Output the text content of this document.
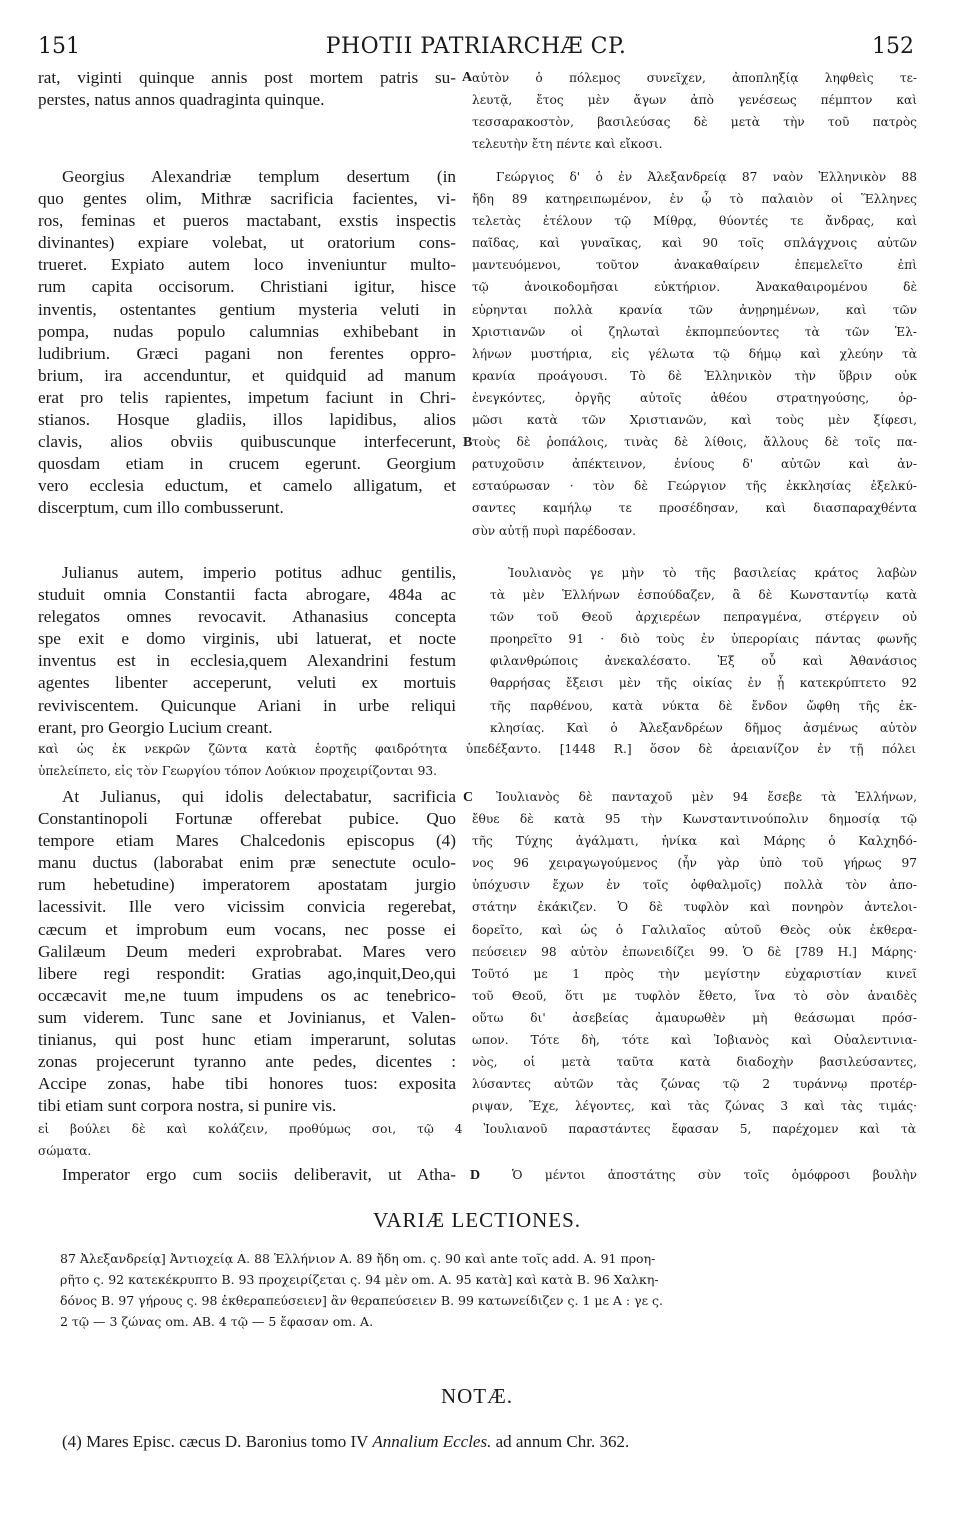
151	PHOTII PATRIARCHÆ CP.	152
rat, viginti quinque annis post mortem patris su-
perstes, natus annos quadraginta quinque.
A αὐτὸν ὁ πόλεμος συνεῖχεν, ἀποπληξίᾳ ληφθεὶς τε-
λευτᾷ, ἔτος μὲν ἄγων ἀπὸ γενέσεως πέμπτον καὶ
τεσσαρακοστὸν, βασιλεύσας δὲ μετὰ τὴν τοῦ πατρὸς
τελευτὴν ἔτη πέντε καὶ εἴκοσι.
Georgius Alexandriæ templum desertum (in
quo gentes olim, Mithræ sacrificia facientes, vi-
ros, feminas et pueros mactabant, exstis inspectis
divinantes) expiare volebat, ut oratorium cons-
trueret. Expiato autem loco inveniuntur multo-
rum capita occisorum. Christiani igitur, hisce
inventis, ostentantes gentium mysteria veluti in
pompa, nudas populo calumnias exhibebant in
ludibrium. Græci pagani non ferentes oppro-
brium, ira accenduntur, et quidquid ad manum
erat pro telis rapientes, impetum faciunt in Chri-
stianos. Hosque gladiis, illos lapidibus, alios
clavis, alios obviis quibuscunque interfecerunt,
quosdam etiam in crucem egerunt. Georgium
vero ecclesia eductum, et camelo alligatum, et
discerptum, cum illo combusserunt.
B
Γεώργιος δ' ὁ ἐν Ἀλεξανδρείᾳ 87 ναὸν Ἑλληνικὸν 88
ἤδη 89 κατηρειπωμένον, ἐν ᾧ τὸ παλαιὸν οἱ Ἕλληνες
τελετὰς ἐτέλουν τῷ Μίθρᾳ, θύοντές τε ἄνδρας, καὶ
παῖδας, καὶ γυναῖκας, καὶ 90 τοῖς σπλάγχνοις αὐτῶν
μαντευόμενοι, τοῦτον ἀνακαθαίρειν ἐπεμελεῖτο ἐπὶ
τῷ ἀνοικοδομῆσαι εὐκτήριον. Ἀνακαθαιρομένου δὲ
εὑρηνται πολλὰ κρανία τῶν ἀνῃρημένων, καὶ τῶν
Χριστιανῶν οἱ ζηλωταὶ ἐκπομπεύοντες τὰ τῶν Ἑλ-
λήνων μυστήρια, εἰς γέλωτα τῷ δήμῳ καὶ χλεύην τὰ
κρανία προάγουσι. Τὸ δὲ Ἑλληνικὸν τὴν ὕβριν οὐκ
ἐνεγκόντες, ὀργῆς αὐτοῖς ἀθέου στρατηγούσης, ὁρ-
μῶσι κατὰ τῶν Χριστιανῶν, καὶ τοὺς μὲν ξίφεσι,
τοὺς δὲ ῥοπάλοις, τινὰς δὲ λίθοις, ἄλλους δὲ τοῖς πα-
ρατυχοῦσιν ἀπέκτεινον, ἐνίους δ' αὐτῶν καὶ ἀν-
εσταύρωσαν · τὸν δὲ Γεώργιον τῆς ἐκκλησίας ἐξελκύ-
σαντες καμήλῳ τε προσέδησαν, καὶ διασπαραχθέντα
σὺν αὐτῇ πυρὶ παρέδοσαν.
Julianus autem, imperio potitus adhuc gentilis,
studuit omnia Constantii facta abrogare, 484a ac
relegatos omnes revocavit. Athanasius concepta
spe exit e domo virginis, ubi latuerat, et nocte
inventus est in ecclesia,quem Alexandrini festum
agentes libenter acceperunt, veluti ex mortuis
reviviscentem. Quicunque Ariani in urbe reliqui
erant, pro Georgio Lucium creant.
Ἰουλιανὸς γε μὴν τὸ τῆς βασιλείας κράτος λαβὼν
τὰ μὲν Ἑλλήνων ἐσπούδαζεν, ἃ δὲ Κωνσταντίῳ κατὰ
τῶν τοῦ Θεοῦ ἀρχιερέων πεπραγμένα, στέργειν οὐ
προηρεῖτο 91 · διὸ τοὺς ἐν ὑπερορίαις πάντας φωνῆς
φιλανθρώποις ἀνεκαλέσατο. Ἐξ οὗ καὶ Ἀθανάσιος
θαρρήσας ἔξεισι μὲν τῆς οἰκίας ἐν ᾗ κατεκρύπτετο 92
τῆς παρθένου, κατὰ νύκτα δὲ ἔνδον ὤφθη τῆς ἐκ-
κλησίας. Καὶ ὁ Ἀλεξανδρέων δῆμος ἀσμένως αὐτὸν
καὶ ὡς ἐκ νεκρῶν ζῶντα κατὰ ἑορτῆς φαιδρότητα ὑπεδέξαντο. [1448 R.] ὅσον δὲ ἀρειανίζον ἐν τῇ πόλει
ὑπελείπετο, εἰς τὸν Γεωργίου τόπον Λούκιον προχειρίζονται 93.
At Julianus, qui idolis delectabatur, sacrificia
Constantinopoli Fortunæ offerebat pubice. Quo
tempore etiam Mares Chalcedonis episcopus (4)
manu ductus (laborabat enim præ senectute oculo-
rum hebetudine) imperatorem apostatam jurgio
lacessivit. Ille vero vicissim convicia regerebat,
cæcum et improbum eum vocans, nec posse ei
Galilæum Deum mederi exprobrabat. Mares vero
libere regi respondit: Gratias ago,inquit,Deo,qui
occæcavit me,ne tuum impudens os ac tenebrico-
sum viderem. Tunc sane et Jovinianus, et Valen-
tinianus, qui post hunc etiam imperarunt, solutas
zonas projecerunt tyranno ante pedes, dicentes :
Accipe zonas, habe tibi honores tuos: exposita
tibi etiam sunt corpora nostra, si punire vis.
C	Ἰουλιανὸς δὲ πανταχοῦ μὲν 94 ἔσεβε τὰ Ἑλλήνων,
ἔθυε δὲ κατὰ 95 τὴν Κωνσταντινούπολιν δημοσίᾳ τῷ
τῆς Τύχης ἀγάλματι, ἡνίκα καὶ Μάρης ὁ Καλχηδό-
νος 96 χειραγωγούμενος (ἦν γὰρ ὑπὸ τοῦ γήρως 97
ὑπόχυσιν ἔχων ἐν τοῖς ὀφθαλμοῖς) πολλὰ τὸν ἀπο-
στάτην ἐκάκιζεν. Ὁ δὲ τυφλὸν καὶ πονηρὸν ἀντελοι-
δορεῖτο, καὶ ὡς ὁ Γαλιλαῖος αὐτοῦ Θεὸς οὐκ ἐκθερα-
πεύσειεν 98 αὐτὸν ἐπωνειδίζει 99. Ὁ δὲ [789 H.] Μάρης·
Τοῦτό με 1 πρὸς τὴν μεγίστην εὐχαριστίαν κινεῖ
τοῦ Θεοῦ, ὅτι με τυφλὸν ἔθετο, ἵνα τὸ σὸν ἀναιδὲς
οὕτω δι' ἀσεβείας ἀμαυρωθὲν μὴ θεάσωμαι πρόσ-
ωπον. Τότε δὴ, τότε καὶ Ἰοβιανὸς καὶ Οὐαλεντινια-
νὸς, οἱ μετὰ ταῦτα κατὰ διαδοχὴν βασιλεύσαντες,
λύσαντες αὐτῶν τὰς ζώνας τῷ 2 τυράννῳ προτέρ-
ριψαν, Ἔχε, λέγοντες, καὶ τὰς ζώνας 3 καὶ τὰς τιμάς·
εἰ βούλει δὲ καὶ κολάζειν, προθύμως σοι, τῷ 4 Ἰουλιανοῦ παραστάντες ἔφασαν 5, παρέχομεν καὶ τὰ
σώματα.
Imperator ergo cum sociis deliberavit, ut Atha- D	Ὁ μέντοι ἀποστάτης σὺν τοῖς ὁμόφροσι βουλὴν
VARIÆ LECTIONES.
87 Ἀλεξανδρείᾳ] Ἀντιοχείᾳ A. 88 Ἑλλήνιον A. 89 ἤδη om. ς. 90 καὶ ante τοῖς add. A. 91 προη-
ρῆτο ς. 92 κατεκέκρυπτο B. 93 προχειρίζεται ς. 94 μὲν om. A. 95 κατὰ] καὶ κατὰ B. 96 Χαλκη-
δόνος B. 97 γήρους ς. 98 ἐκθεραπεύσειεν] ἂν θεραπεύσειεν B. 99 κατωνείδιζεν ς. 1 με A : γε ς.
2 τῷ — 3 ζώνας om. AB. 4 τῷ — 5 ἔφασαν om. A.
NOTÆ.
(4) Mares Episc. cæcus D. Baronius tomo IV Annalium Eccles. ad annum Chr. 362.
